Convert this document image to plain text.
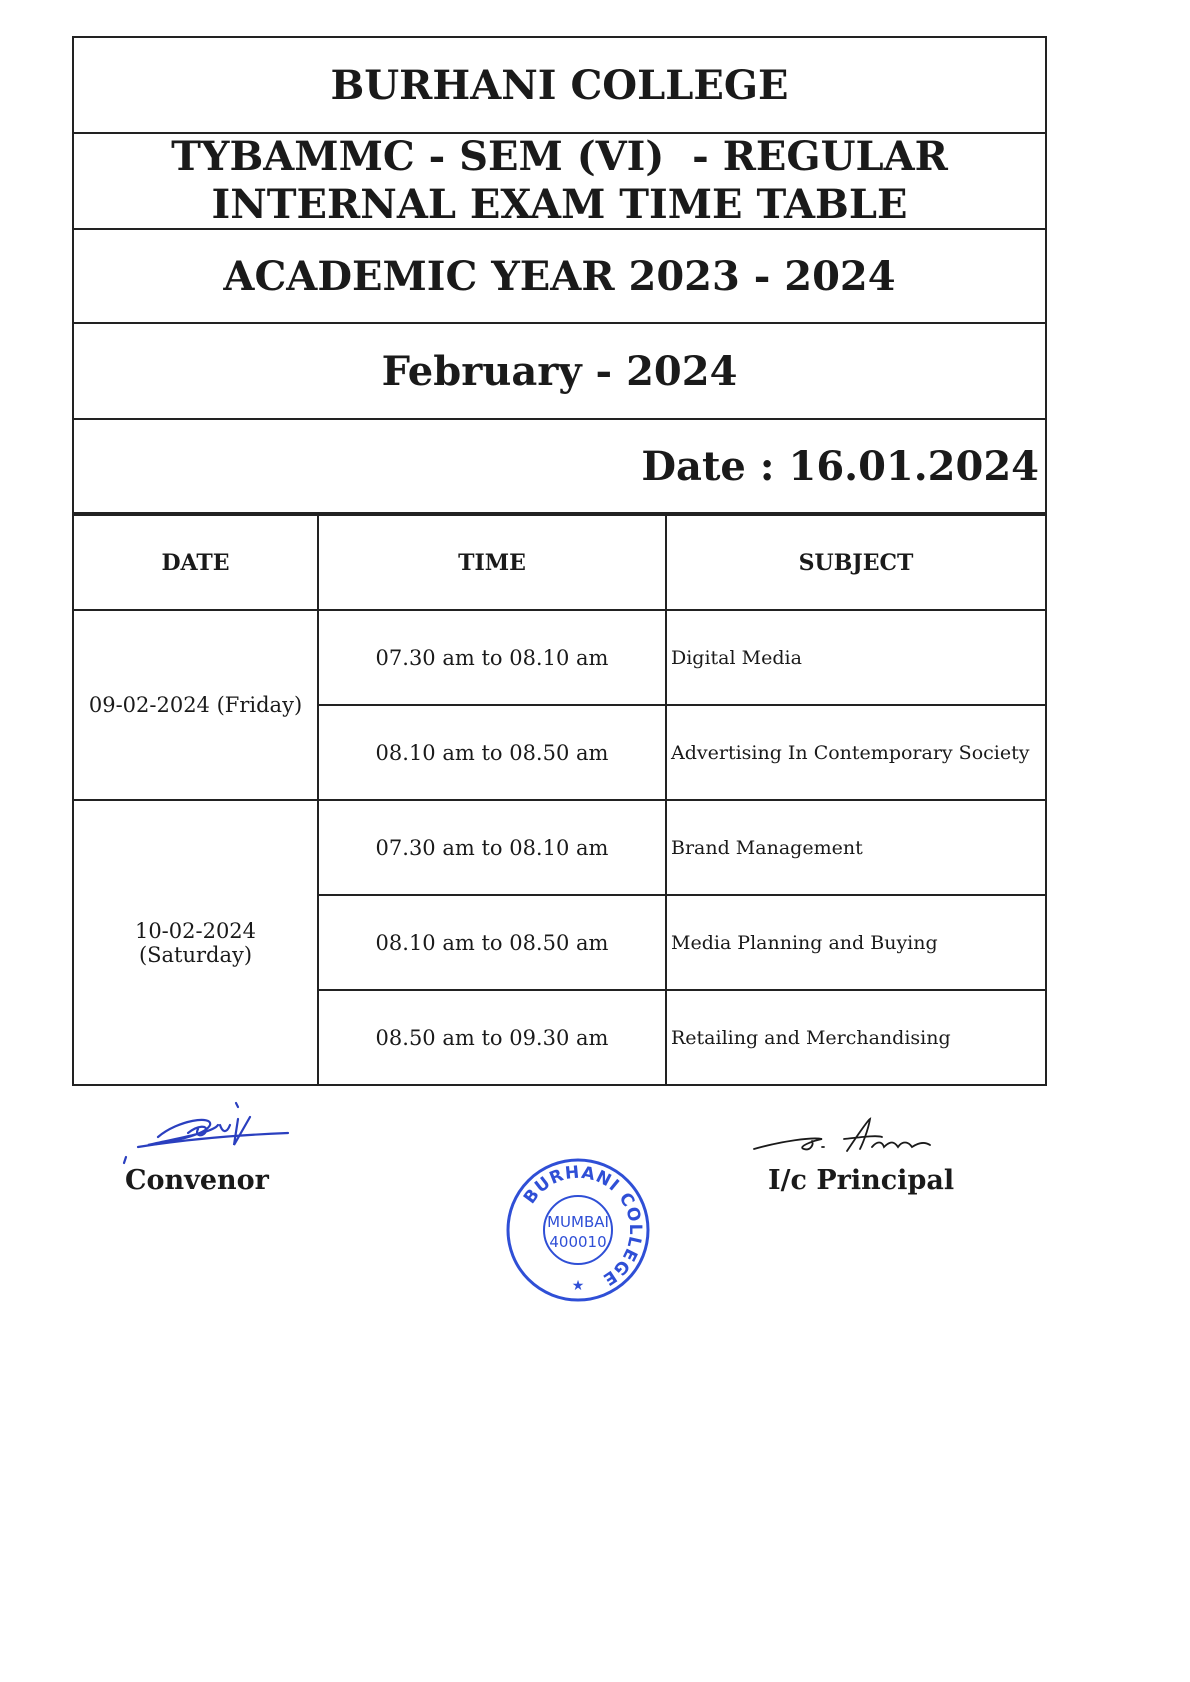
BURHANI COLLEGE
TYBAMMC - SEM (VI)  - REGULAR
INTERNAL EXAM TIME TABLE
ACADEMIC YEAR 2023 - 2024
February - 2024
Date : 16.01.2024
DATE	TIME	SUBJECT
09-02-2024 (Friday)	07.30 am to 08.10 am	Digital Media
	08.10 am to 08.50 am	Advertising In Contemporary Society

10-02-2024
(Saturday)	07.30 am to 08.10 am	Brand Management
	08.10 am to 08.50 am	Media Planning and Buying
	08.50 am to 09.30 am	Retailing and Merchandising
Convenor
BURHANI COLLEGE
MUMBAI
400010
★
I/c Principal
